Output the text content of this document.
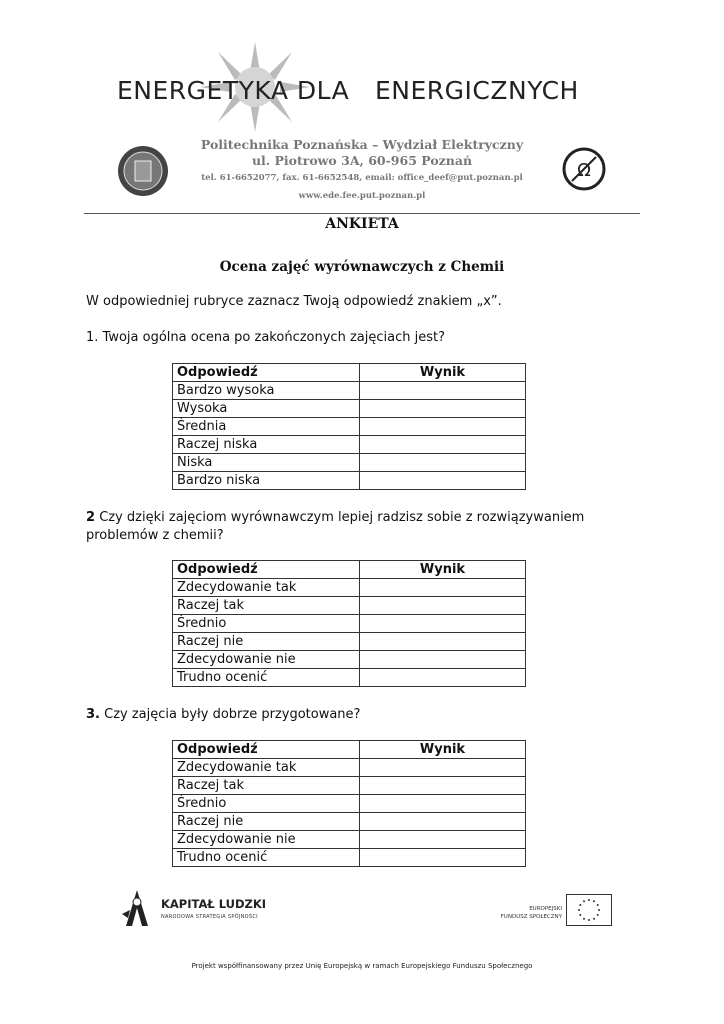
ENERGETYKA DLA ENERGICZNYCH
Politechnika Poznańska – Wydział Elektryczny
ul. Piotrowo 3A, 60-965 Poznań
tel. 61-6652077, fax. 61-6652548, email: office_deef@put.poznan.pl
www.ede.fee.put.poznan.pl
Ω
ANKIETA
Ocena zajęć wyrównawczych z Chemii
W odpowiedniej rubryce zaznacz Twoją odpowiedź znakiem „x”.
1. Twoja ogólna ocena po zakończonych zajęciach jest?
Odpowiedź	Wynik
Bardzo wysoka	
Wysoka	
Średnia	
Raczej niska	
Niska	
Bardzo niska	
2 Czy dzięki zajęciom wyrównawczym lepiej radzisz sobie z rozwiązywaniem problemów z chemii?
Odpowiedź	Wynik
Zdecydowanie tak	
Raczej tak	
Średnio	
Raczej nie	
Zdecydowanie nie	
Trudno ocenić	
3. Czy zajęcia były dobrze przygotowane?
Odpowiedź	Wynik
Zdecydowanie tak	
Raczej tak	
Średnio	
Raczej nie	
Zdecydowanie nie	
Trudno ocenić	
KAPITAŁ LUDZKI
NARODOWA STRATEGIA SPÓJNOŚCI
EUROPEJSKI
FUNDUSZ SPOŁECZNY
Projekt współfinansowany przez Unię Europejską w ramach Europejskiego Funduszu Społecznego
